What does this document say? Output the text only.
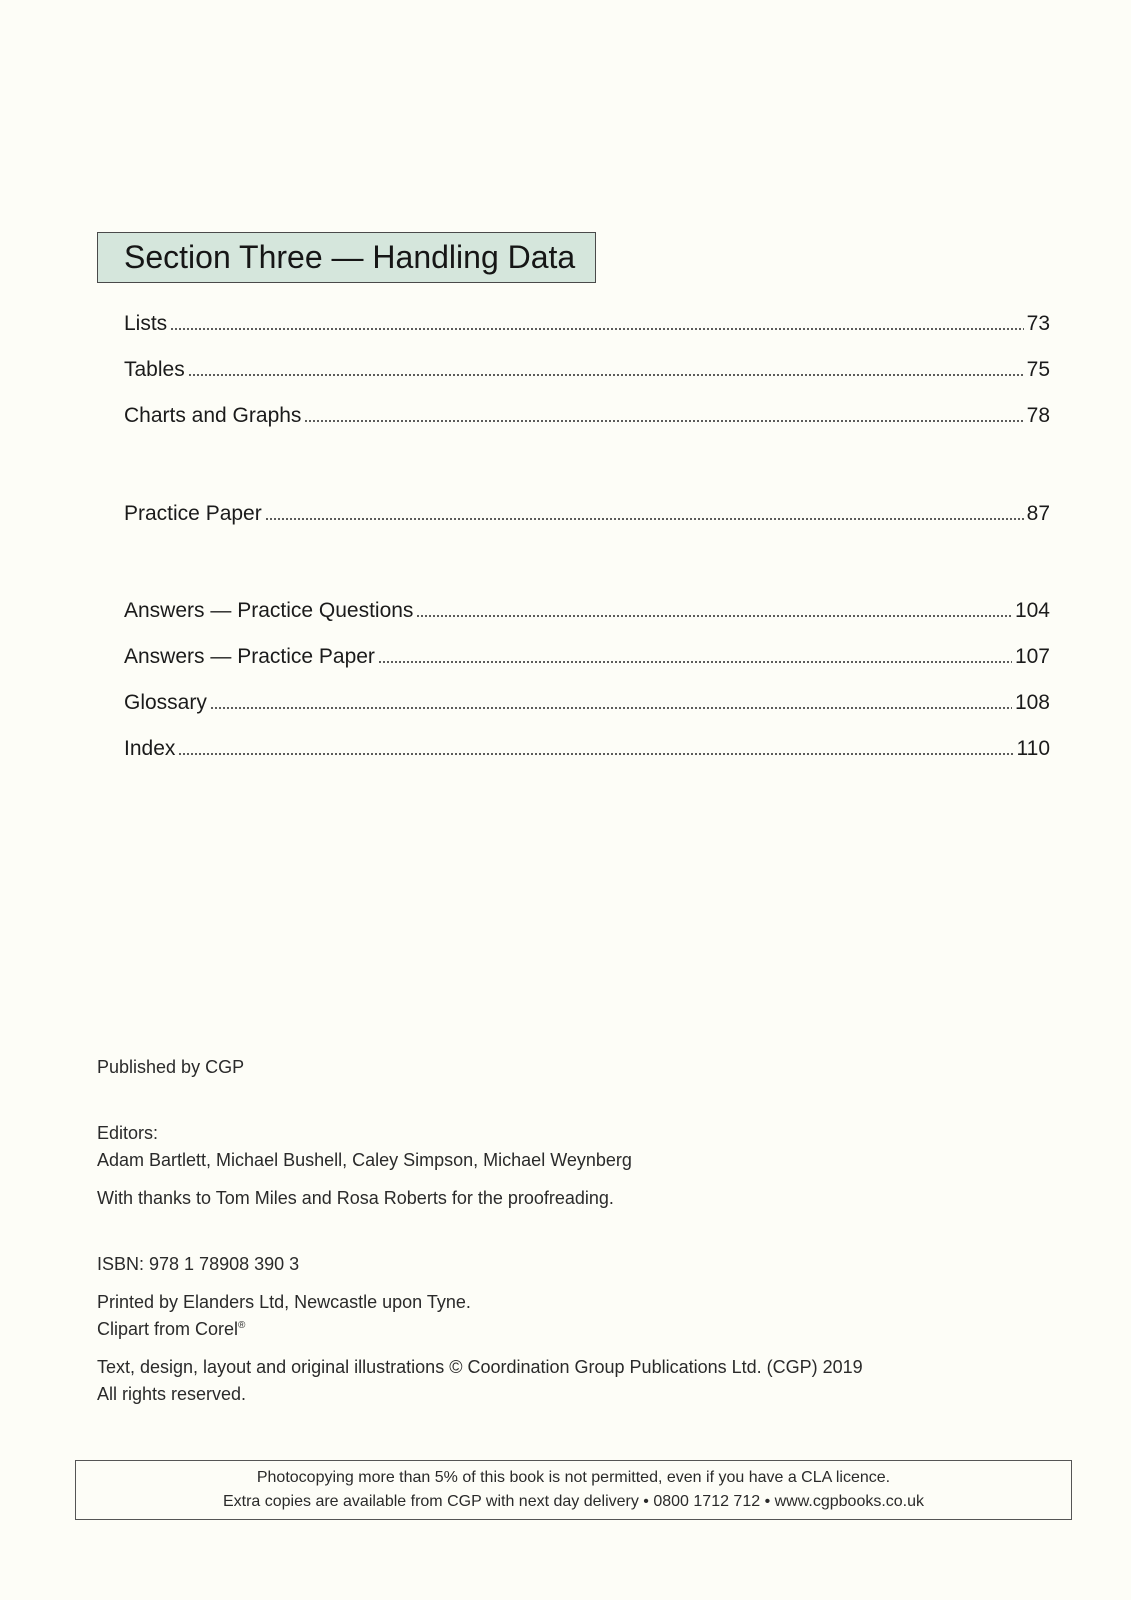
Section Three — Handling Data
Lists	73
Tables	75
Charts and Graphs	78
Practice Paper	87
Answers — Practice Questions	104
Answers — Practice Paper	107
Glossary	108
Index	110
Published by CGP
Editors:
Adam Bartlett, Michael Bushell, Caley Simpson, Michael Weynberg
With thanks to Tom Miles and Rosa Roberts for the proofreading.
ISBN: 978 1 78908 390 3
Printed by Elanders Ltd, Newcastle upon Tyne.
Clipart from Corel®
Text, design, layout and original illustrations © Coordination Group Publications Ltd. (CGP) 2019
All rights reserved.
Photocopying more than 5% of this book is not permitted, even if you have a CLA licence.
Extra copies are available from CGP with next day delivery • 0800 1712 712 • www.cgpbooks.co.uk
